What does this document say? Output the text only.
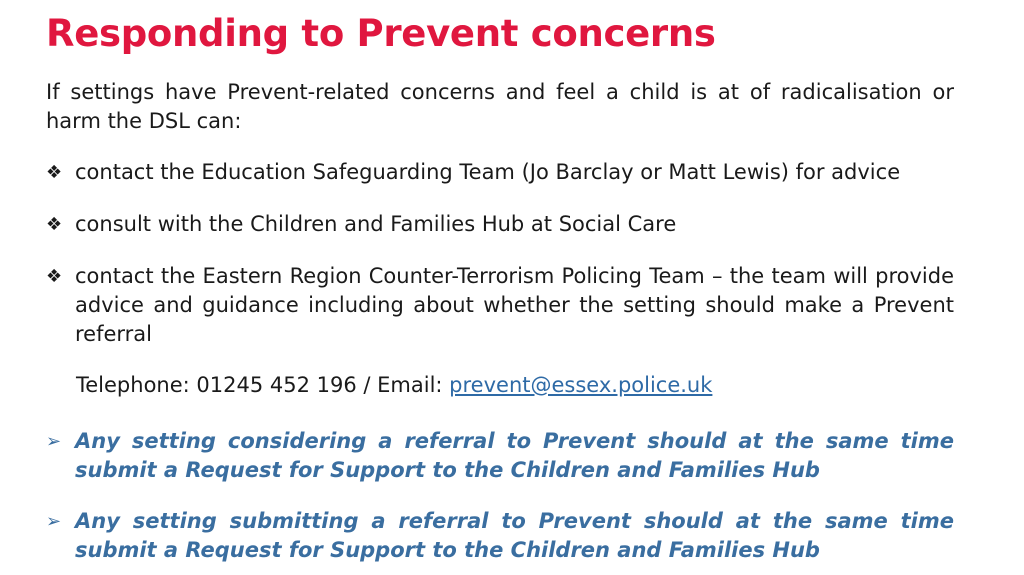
Responding to Prevent concerns
If settings have Prevent-related concerns and feel a child is at of radicalisation or harm the DSL can:
❖ contact the Education Safeguarding Team (Jo Barclay or Matt Lewis) for advice
❖ consult with the Children and Families Hub at Social Care
❖ contact the Eastern Region Counter-Terrorism Policing Team – the team will provide advice and guidance including about whether the setting should make a Prevent referral
Telephone: 01245 452 196 / Email: prevent@essex.police.uk
➢ Any setting considering a referral to Prevent should at the same time submit a Request for Support to the Children and Families Hub
➢ Any setting submitting a referral to Prevent should at the same time submit a Request for Support to the Children and Families Hub
